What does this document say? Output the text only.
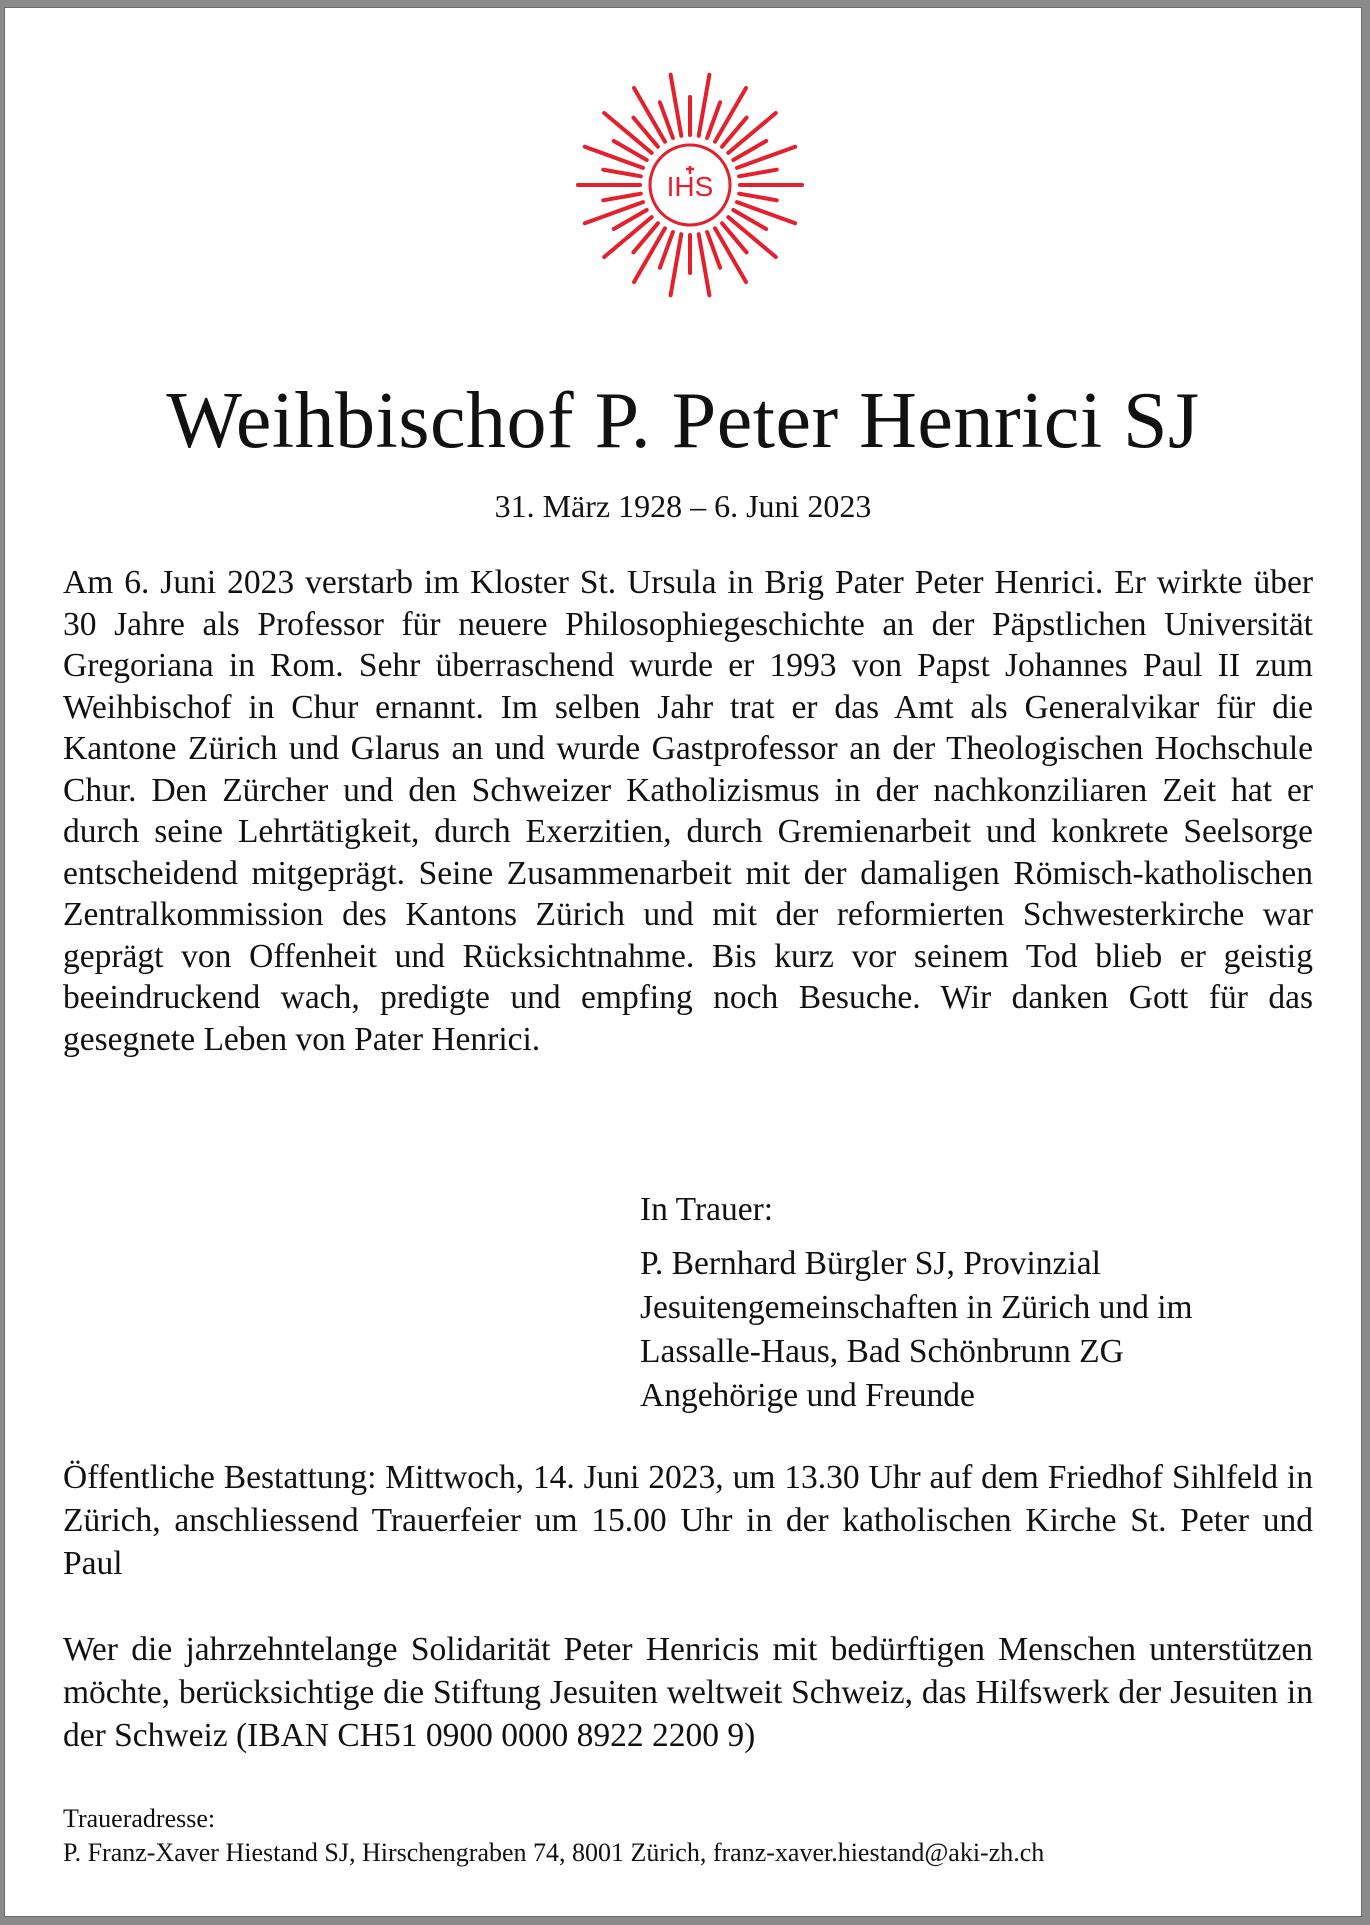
IHS
Weihbischof P. Peter Henrici SJ
31. März 1928 – 6. Juni 2023

Am 6. Juni 2023 verstarb im Kloster St. Ursula in Brig Pater Peter Henrici. Er wirkte über 30 Jahre als Professor für neuere Philosophiegeschichte an der Päpstlichen Universität Gregoriana in Rom. Sehr überraschend wurde er 1993 von Papst Johannes Paul II zum Weihbischof in Chur ernannt. Im selben Jahr trat er das Amt als Generalvikar für die Kantone Zürich und Glarus an und wurde Gastprofessor an der Theologischen Hochschule Chur. Den Zürcher und den Schweizer Katholizismus in der nachkonziliaren Zeit hat er durch seine Lehrtätigkeit, durch Exerzitien, durch Gremienarbeit und konkrete Seelsorge entscheidend mitgeprägt. Seine Zusammenarbeit mit der damaligen Römisch-katholischen Zentralkommission des Kantons Zürich und mit der reformierten Schwesterkirche war geprägt von Offenheit und Rücksichtnahme. Bis kurz vor seinem Tod blieb er geistig beeindruckend wach, predigte und empfing noch Besuche. Wir danken Gott für das gesegnete Leben von Pater Henrici.

In Trauer:
P. Bernhard Bürgler SJ, Provinzial
Jesuitengemeinschaften in Zürich und im
Lassalle-Haus, Bad Schönbrunn ZG
Angehörige und Freunde

Öffentliche Bestattung: Mittwoch, 14. Juni 2023, um 13.30 Uhr auf dem Friedhof Sihlfeld in Zürich, anschliessend Trauerfeier um 15.00 Uhr in der katholischen Kirche St. Peter und Paul

Wer die jahrzehntelange Solidarität Peter Henricis mit bedürftigen Menschen unterstützen möchte, berücksichtige die Stiftung Jesuiten weltweit Schweiz, das Hilfswerk der Jesuiten in der Schweiz (IBAN CH51 0900 0000 8922 2200 9)

Traueradresse:
P. Franz-Xaver Hiestand SJ, Hirschengraben 74, 8001 Zürich, franz-xaver.hiestand@aki-zh.ch
